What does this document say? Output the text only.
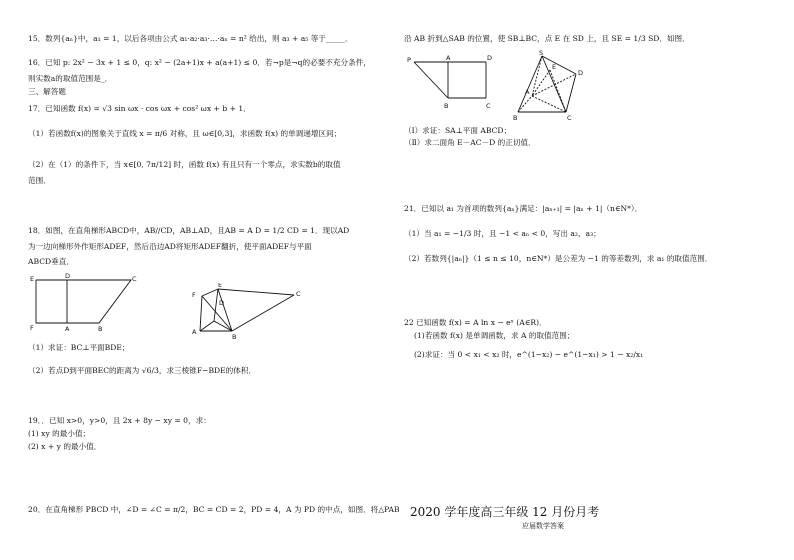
15．数列{aₙ}中，a₁ = 1，以后各项由公式 a₁·a₂·a₃·…·aₙ = n² 给出，则 a₃ + a₅ 等于_____．

16．已知 p: 2x² − 3x + 1 ≤ 0，q: x² − (2a+1)x + a(a+1) ≤ 0．若¬p是¬q的必要不充分条件，

则实数a的取值范围是_．

三、解答题

17．已知函数 f(x) = √3 sin ωx · cos ωx + cos² ωx + b + 1．

（1）若函数f(x)的图象关于直线 x = π/6 对称，且 ω∈[0,3]，求函数 f(x) 的单调递增区间；

（2）在（1）的条件下，当 x∈[0, 7π/12] 时，函数 f(x) 有且只有一个零点，求实数b的取值

范围．

18．如图，在直角梯形ABCD中，AB//CD，AB⊥AD，且AB = A D = 1/2 CD = 1．现以AD

为一边向梯形外作矩形ADEF，然后沿边AD将矩形ADEF翻折，使平面ADEF与平面

ABCD垂直．

E	D	C
F	A	B
F
E
D
C
A
B

（1）求证：BC⊥平面BDE；

（2）若点D到平面BEC的距离为 √6/3，求三棱锥F−BDE的体积．

19．．已知 x>0，y>0，且 2x + 8y − xy = 0，求：

(1) xy 的最小值；

(2) x + y 的最小值．

20．在直角梯形 PBCD 中，∠D = ∠C = π/2，BC = CD = 2，PD = 4，A 为 PD 的中点，如图．将△PAB

沿 AB 折到△SAB 的位置，使 SB⊥BC，点 E 在 SD 上，且 SE = 1/3 SD．如图．

P	A	D
B	C
S
E
D
A
B	C

（Ⅰ）求证：SA⊥平面 ABCD；

（Ⅱ）求二面角 E－AC－D 的正切值．

21．已知以 a₁ 为首项的数列{aₙ}满足：|aₙ₊₁| = |aₙ + 1|（n∈N*）．

（1）当 a₁ = −1/3 时，且 −1 < aₙ < 0，写出 a₂、a₃；

（2）若数列{|aₙ|}（1 ≤ n ≤ 10，n∈N*）是公差为 −1 的等差数列，求 a₁ 的取值范围．

22 已知函数 f(x) = A ln x − eˣ (A∈R)．

(1)若函数 f(x) 是单调函数，求 A 的取值范围；

(2)求证：当 0 < x₁ < x₂ 时，e^(1−x₂) − e^(1−x₁) > 1 − x₂/x₁

2020 学年度高三年级 12 月份月考

应届数学答案
